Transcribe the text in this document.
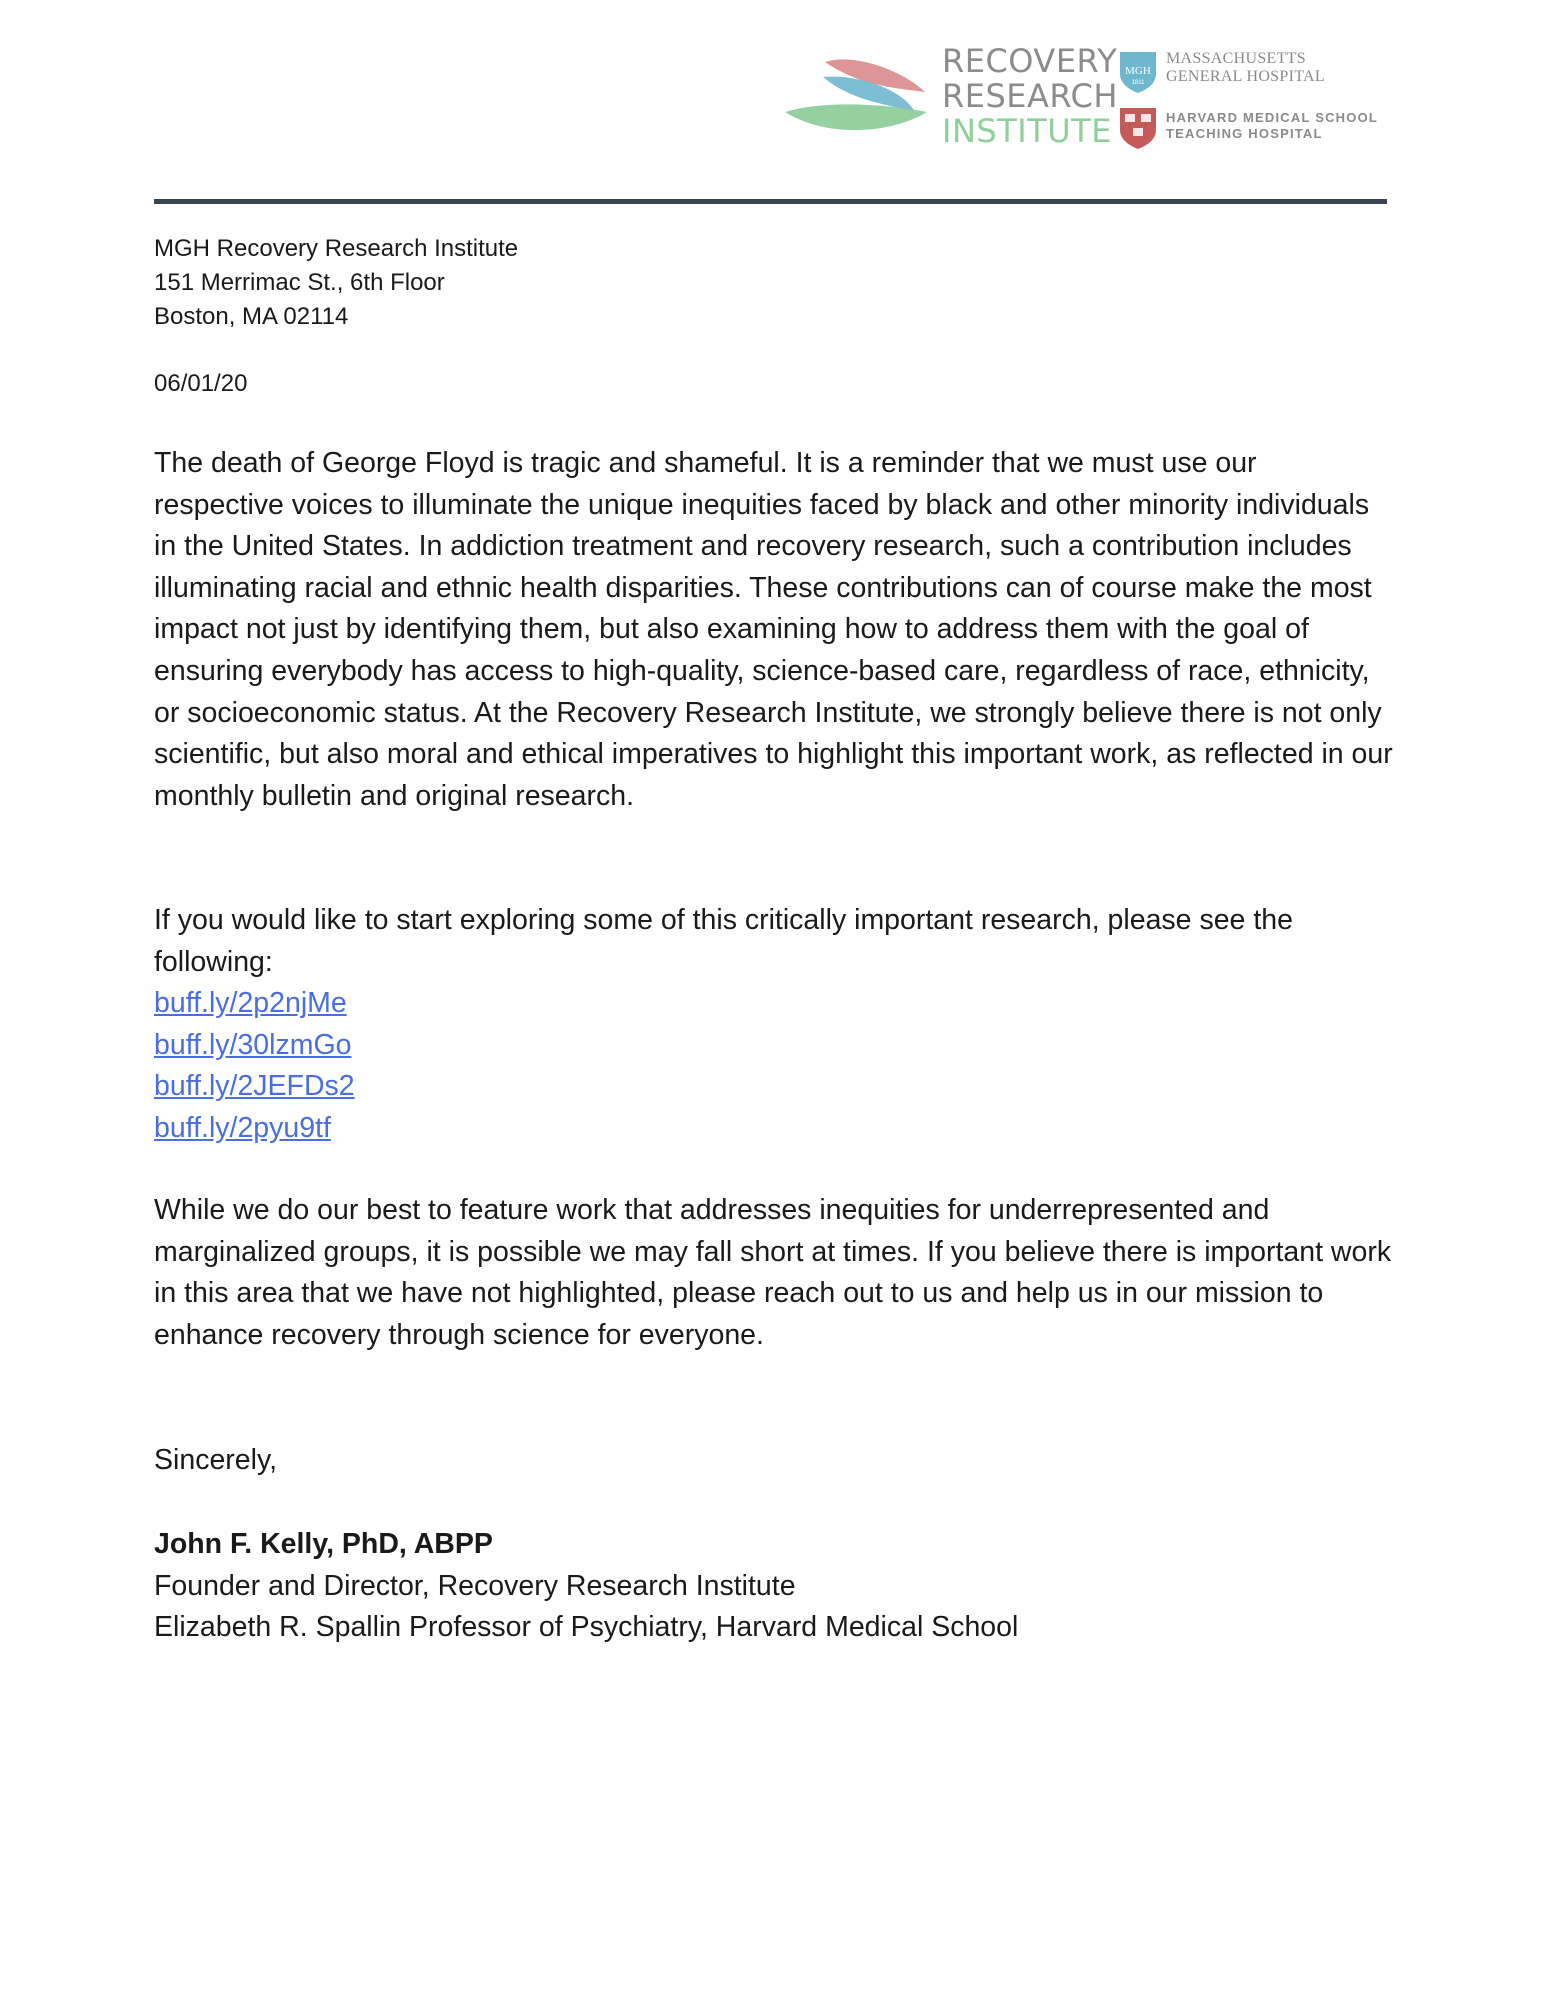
RECOVERY
RESEARCH
INSTITUTE
MGH
1811
MASSACHUSETTS
GENERAL HOSPITAL
HARVARD MEDICAL SCHOOL
TEACHING HOSPITAL
MGH Recovery Research Institute
151 Merrimac St., 6th Floor
Boston, MA 02114
06/01/20

The death of George Floyd is tragic and shameful. It is a reminder that we must use our respective voices to illuminate the unique inequities faced by black and other minority individuals in the United States. In addiction treatment and recovery research, such a contribution includes illuminating racial and ethnic health disparities. These contributions can of course make the most impact not just by identifying them, but also examining how to address them with the goal of ensuring everybody has access to high-quality, science-based care, regardless of race, ethnicity, or socioeconomic status. At the Recovery Research Institute, we strongly believe there is not only scientific, but also moral and ethical imperatives to highlight this important work, as reflected in our monthly bulletin and original research.

If you would like to start exploring some of this critically important research, please see the following:

buff.ly/2p2njMe
buff.ly/30lzmGo
buff.ly/2JEFDs2
buff.ly/2pyu9tf

While we do our best to feature work that addresses inequities for underrepresented and marginalized groups, it is possible we may fall short at times. If you believe there is important work in this area that we have not highlighted, please reach out to us and help us in our mission to enhance recovery through science for everyone.

Sincerely,
John F. Kelly, PhD, ABPP
Founder and Director, Recovery Research Institute
Elizabeth R. Spallin Professor of Psychiatry, Harvard Medical School
